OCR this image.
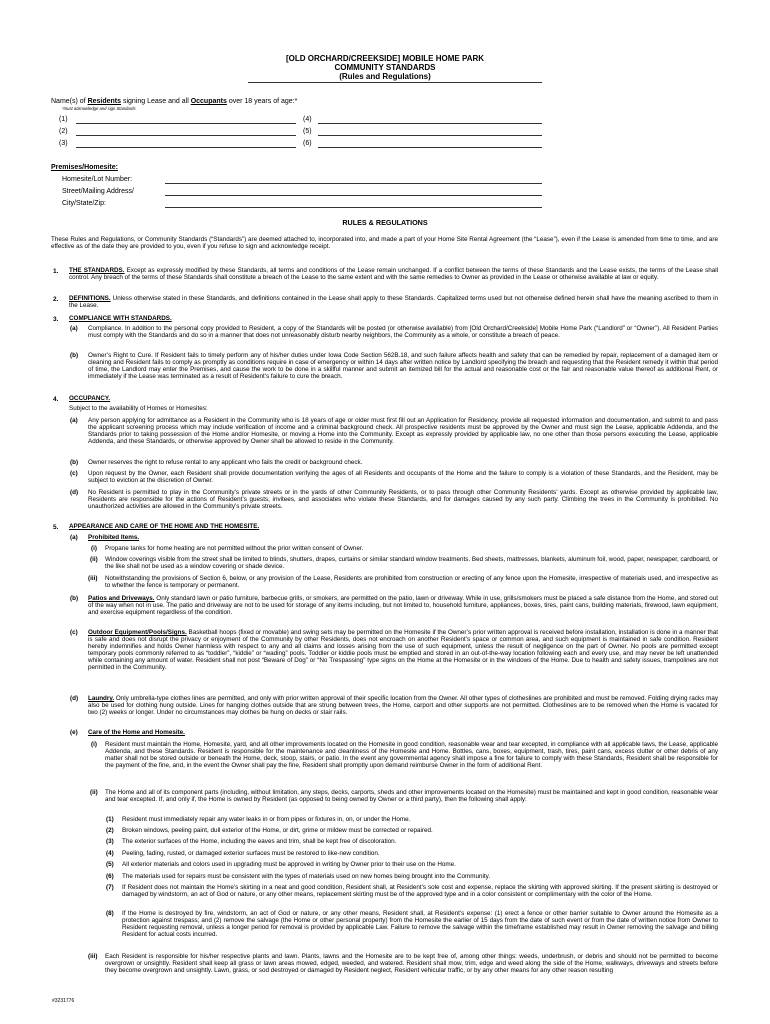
[OLD ORCHARD/CREEKSIDE] MOBILE HOME PARK
COMMUNITY STANDARDS
(Rules and Regulations)
Name(s) of Residents signing Lease and all Occupants over 18 years of age:*
*must acknowledge and sign Standards
(1)
(2)
(3)
(4)
(5)
(6)
Premises/Homesite:
Homesite/Lot Number:
Street/Mailing Address/
City/State/Zip:
RULES & REGULATIONS
These Rules and Regulations, or Community Standards (“Standards”) are deemed attached to, incorporated into, and made a part of your Home Site Rental Agreement (the “Lease”), even if the Lease is amended from time to time, and are effective as of the date they are provided to you, even if you refuse to sign and acknowledge receipt.
1. THE STANDARDS. Except as expressly modified by these Standards, all terms and conditions of the Lease remain unchanged. If a conflict between the terms of these Standards and the Lease exists, the terms of the Lease shall control. Any breach of the terms of these Standards shall constitute a breach of the Lease to the same extent and with the same remedies to Owner as provided in the Lease or otherwise available at law or equity.
2. DEFINITIONS. Unless otherwise stated in these Standards, and definitions contained in the Lease shall apply to these Standards. Capitalized terms used but not otherwise defined herein shall have the meaning ascribed to them in the Lease.
3. COMPLIANCE WITH STANDARDS.
(a) Compliance. In addition to the personal copy provided to Resident, a copy of the Standards will be posted (or otherwise available) from [Old Orchard/Creekside] Mobile Home Park (“Landlord” or “Owner”). All Resident Parties must comply with the Standards and do so in a manner that does not unreasonably disturb nearby neighbors, the Community as a whole, or constitute a breach of peace.
(b) Owner’s Right to Cure. If Resident fails to timely perform any of his/her duties under Iowa Code Section 562B.18, and such failure affects health and safety that can be remedied by repair, replacement of a damaged item or cleaning and Resident fails to comply as promptly as conditions require in case of emergency or within 14 days after written notice by Landlord specifying the breach and requesting that the Resident remedy it within that period of time, the Landlord may enter the Premises, and cause the work to be done in a skillful manner and submit an itemized bill for the actual and reasonable cost or the fair and reasonable value thereof as additional Rent, or immediately if the Lease was terminated as a result of Resident’s failure to cure the breach.
4. OCCUPANCY.
Subject to the availability of Homes or Homesites:
(a) Any person applying for admittance as a Resident in the Community who is 18 years of age or older must first fill out an Application for Residency, provide all requested information and documentation, and submit to and pass the applicant screening process which may include verification of income and a criminal background check. All prospective residents must be approved by the Owner and must sign the Lease, applicable Addenda, and the Standards prior to taking possession of the Home and/or Homesite, or moving a Home into the Community. Except as expressly provided by applicable law, no one other than those persons executing the Lease, applicable Addenda, and these Standards, or otherwise approved by Owner shall be allowed to reside in the Community.
(b) Owner reserves the right to refuse rental to any applicant who fails the credit or background check.
(c) Upon request by the Owner, each Resident shall provide documentation verifying the ages of all Residents and occupants of the Home and the failure to comply is a violation of these Standards, and the Resident, may be subject to eviction at the discretion of Owner.
(d) No Resident is permitted to play in the Community’s private streets or in the yards of other Community Residents, or to pass through other Community Residents’ yards. Except as otherwise provided by applicable law, Residents are responsible for the actions of Resident’s guests, invitees, and associates who violate these Standards, and for damages caused by any such party. Climbing the trees in the Community is prohibited. No unauthorized activities are allowed in the Community’s private streets.
5. APPEARANCE AND CARE OF THE HOME AND THE HOMESITE.
(a) Prohibited Items.
(i) Propane tanks for home heating are not permitted without the prior written consent of Owner.
(ii) Window coverings visible from the street shall be limited to blinds, shutters, drapes, curtains or similar standard window treatments. Bed sheets, mattresses, blankets, aluminum foil, wood, paper, newspaper, cardboard, or the like shall not be used as a window covering or shade device.
(iii) Notwithstanding the provisions of Section 6, below, or any provision of the Lease, Residents are prohibited from construction or erecting of any fence upon the Homesite, irrespective of materials used, and irrespective as to whether the fence is temporary or permanent.
(b) Patios and Driveways. Only standard lawn or patio furniture, barbecue grills, or smokers, are permitted on the patio, lawn or driveway. While in use, grills/smokers must be placed a safe distance from the Home, and stored out of the way when not in use. The patio and driveway are not to be used for storage of any items including, but not limited to, household furniture, appliances, boxes, tires, paint cans, building materials, firewood, lawn equipment, and exercise equipment regardless of the condition.
(c) Outdoor Equipment/Pools/Signs. Basketball hoops (fixed or movable) and swing sets may be permitted on the Homesite if the Owner’s prior written approval is received before installation, installation is done in a manner that is safe and does not disrupt the privacy or enjoyment of the Community by other Residents, does not encroach on another Resident’s space or common area, and such equipment is maintained in safe condition. Resident hereby indemnifies and holds Owner harmless with respect to any and all claims and losses arising from the use of such equipment, unless the result of negligence on the part of Owner. No pools are permitted except temporary pools commonly referred to as “toddler”, “kiddie” or “wading” pools. Toddler or kiddie pools must be emptied and stored in an out-of-the-way location following each and every use, and may never be left unattended while containing any amount of water. Resident shall not post “Beware of Dog” or “No Trespassing” type signs on the Home at the Homesite or in the windows of the Home. Due to health and safety issues, trampolines are not permitted in the Community.
(d) Laundry. Only umbrella-type clothes lines are permitted, and only with prior written approval of their specific location from the Owner. All other types of clotheslines are prohibited and must be removed. Folding drying racks may also be used for clothing hung outside. Lines for hanging clothes outside that are strung between trees, the Home, carport and other supports are not permitted. Clotheslines are to be removed when the Home is vacated for two (2) weeks or longer. Under no circumstances may clothes be hung on decks or stair rails.
(e) Care of the Home and Homesite.
(i) Resident must maintain the Home, Homesite, yard, and all other improvements located on the Homesite in good condition, reasonable wear and tear excepted, in compliance with all applicable laws, the Lease, applicable Addenda, and these Standards. Resident is responsible for the maintenance and cleanliness of the Homesite and Home. Bottles, cans, boxes, equipment, trash, tires, paint cans, excess clutter or other debris of any matter shall not be stored outside or beneath the Home, deck, stoop, stairs, or patio. In the event any governmental agency shall impose a fine for failure to comply with these Standards, Resident shall be responsible for the payment of the fine, and, in the event the Owner shall pay the fine, Resident shall promptly upon demand reimburse Owner in the form of additional Rent.
(ii) The Home and all of its component parts (including, without limitation, any steps, decks, carports, sheds and other improvements located on the Homesite) must be maintained and kept in good condition, reasonable wear and tear excepted. If, and only if, the Home is owned by Resident (as opposed to being owned by Owner or a third party), then the following shall apply:
(1) Resident must immediately repair any water leaks in or from pipes or fixtures in, on, or under the Home.
(2) Broken windows, peeling paint, dull exterior of the Home, or dirt, grime or mildew must be corrected or repaired.
(3) The exterior surfaces of the Home, including the eaves and trim, shall be kept free of discoloration.
(4) Peeling, fading, rusted, or damaged exterior surfaces must be restored to like-new condition.
(5) All exterior materials and colors used in upgrading must be approved in writing by Owner prior to their use on the Home.
(6) The materials used for repairs must be consistent with the types of materials used on new homes being brought into the Community.
(7) If Resident does not maintain the Home’s skirting in a neat and good condition, Resident shall, at Resident’s sole cost and expense, replace the skirting with approved skirting. If the present skirting is destroyed or damaged by windstorm, an act of God or nature, or any other means, replacement skirting must be of the approved type and in a color consistent or complimentary with the color of the Home.
(8) If the Home is destroyed by fire, windstorm, an act of God or nature, or any other means, Resident shall, at Resident’s expense: (1) erect a fence or other barrier suitable to Owner around the Homesite as a protection against trespass; and (2) remove the salvage (the Home or other personal property) from the Homesite the earlier of 15 days from the date of such event or from the date of written notice from Owner to Resident requesting removal, unless a longer period for removal is provided by applicable Law. Failure to remove the salvage within the timeframe established may result in Owner removing the salvage and billing Resident for actual costs incurred.
(iii) Each Resident is responsible for his/her respective plants and lawn. Plants, lawns and the Homesite are to be kept free of, among other things: weeds, underbrush, or debris and should not be permitted to become overgrown or unsightly. Resident shall keep all grass or lawn areas mowed, edged, weeded, and watered. Resident shall mow, trim, edge and weed along the side of the Home, walkways, driveways and streets before they become overgrown and unsightly. Lawn, grass, or sod destroyed or damaged by Resident neglect, Resident vehicular traffic, or by any other means for any other reason resulting
#3231776
